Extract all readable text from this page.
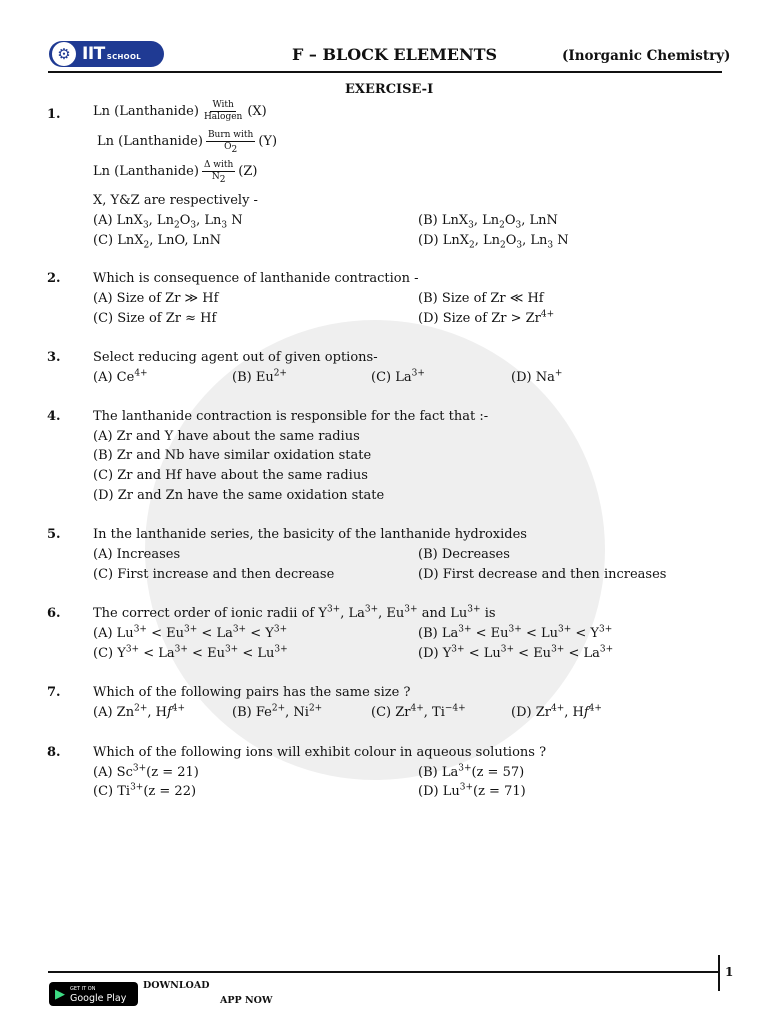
⚙ IIT SCHOOL	F – BLOCK ELEMENTS	(Inorganic Chemistry)
EXERCISE-I
1. Ln (Lanthanide) $\frac{\text{With}}{\text{Halogen}} (X)$
Ln (Lanthanide) $\frac{\text{Burn with}}{O_2} (Y)$
Ln (Lanthanide) $\frac{\text{Δ with}}{N_2} (Z)$
X, Y&Z are respectively -
(A) LnX$_3$, $Ln_2O_3$, $Ln_3$ N	(B) LnX$_3$, $Ln_2O_3$, LnN
(C) LnX$_2$, LnO, LnN	(D) LnX$_2$, $Ln_2O_3$, $Ln_3$ N
2. Which is consequence of lanthanide contraction -
(A) Size of Zr ≫ Hf	(B) Size of Zr ≪ Hf
(C) Size of Zr ≈ Hf	(D) Size of $Zr > Zr^{4+}$
3. Select reducing agent out of given options-
(A) $Ce^{4+}$	(B) $Eu^{2+}$	(C) $La^{3+}$	(D) Na+
4. The lanthanide contraction is responsible for the fact that :-
(A) Zr and Y have about the same radius
(B) Zr and Nb have similar oxidation state
(C) Zr and Hf have about the same radius
(D) Zr and Zn have the same oxidation state
5. In the lanthanide series, the basicity of the lanthanide hydroxides
(A) Increases	(B) Decreases
(C) First increase and then decrease	(D) First decrease and then increases
6. The correct order of ionic radii of $Y^{3+}$, $La^{3+}$, $Eu^{3+}$ and $Lu^{3+}$ is
(A) $Lu^{3+} < Eu^{3+} < La^{3+} < Y^{3+}$	(B) $La^{3+} < Eu^{3+} < Lu^{3+} < Y^{3+}$
(C) $Y^{3+} < La^{3+} < Eu^{3+} < Lu^{3+}$	(D) $Y^{3+} < Lu^{3+} < Eu^{3+} < La^{3+}$
7. Which of the following pairs has the same size ?
(A) $Zn^{2+}$, $Hf^{4+}$	(B) $Fe^{2+}$, $Ni^{2+}$	(C) $Zr^{4+}$, $Ti^{-4+}$	(D) $Zr^{4+}$, $Hf^{4+}$
8. Which of the following ions will exhibit colour in aqueous solutions ?
(A) $Sc^{3+}(z = 21)$	(B) $La^{3+}(z = 57)$
(C) $Ti^{3+}(z = 22)$	(D) $Lu^{3+}(z = 71)$
1
▶ GET IT ON
Google Play
DOWNLOAD
APP NOW
